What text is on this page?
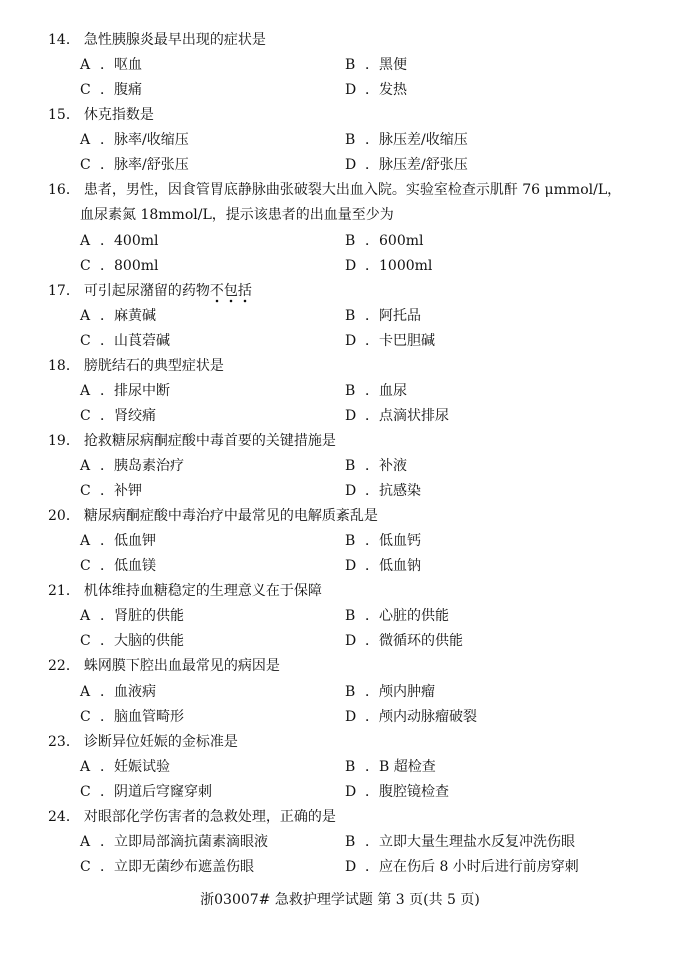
14． 急性胰腺炎最早出现的症状是
A ．呕血	B ．黑便
C ．腹痛	D ．发热
15． 休克指数是
A ．脉率/收缩压	B ．脉压差/收缩压
C ．脉率/舒张压	D ．脉压差/舒张压
16． 患者，男性，因食管胃底静脉曲张破裂大出血入院。实验室检查示肌酐 76 μmmol/L，
血尿素氮 18mmol/L，提示该患者的出血量至少为
A ．400ml	B ．600ml
C ．800ml	D ．1000ml
17． 可引起尿潴留的药物不包括
A ．麻黄碱	B ．阿托品
C ．山莨菪碱	D ．卡巴胆碱
18． 膀胱结石的典型症状是
A ．排尿中断	B ．血尿
C ．肾绞痛	D ．点滴状排尿
19． 抢救糖尿病酮症酸中毒首要的关键措施是
A ．胰岛素治疗	B ．补液
C ．补钾	D ．抗感染
20． 糖尿病酮症酸中毒治疗中最常见的电解质紊乱是
A ．低血钾	B ．低血钙
C ．低血镁	D ．低血钠
21． 机体维持血糖稳定的生理意义在于保障
A ．肾脏的供能	B ．心脏的供能
C ．大脑的供能	D ．微循环的供能
22． 蛛网膜下腔出血最常见的病因是
A ．血液病	B ．颅内肿瘤
C ．脑血管畸形	D ．颅内动脉瘤破裂
23． 诊断异位妊娠的金标准是
A ．妊娠试验	B ．B 超检查
C ．阴道后穹窿穿刺	D ．腹腔镜检查
24． 对眼部化学伤害者的急救处理，正确的是
A ．立即局部滴抗菌素滴眼液	B ．立即大量生理盐水反复冲洗伤眼
C ．立即无菌纱布遮盖伤眼	D ．应在伤后 8 小时后进行前房穿刺
浙03007# 急救护理学试题 第 3 页(共 5 页)
